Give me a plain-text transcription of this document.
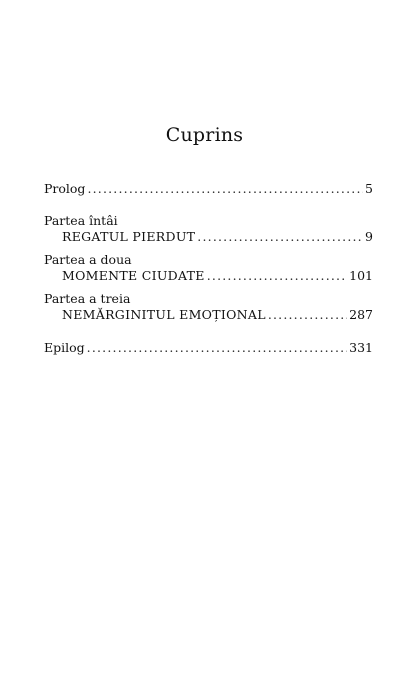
Cuprins
Prolog .....	5
Partea întâi
REGATUL PIERDUT .....	9
Partea a doua
MOMENTE CIUDATE .....	101
Partea a treia
NEMĂRGINITUL EMOȚIONAL .....	287
Epilog .....	331
